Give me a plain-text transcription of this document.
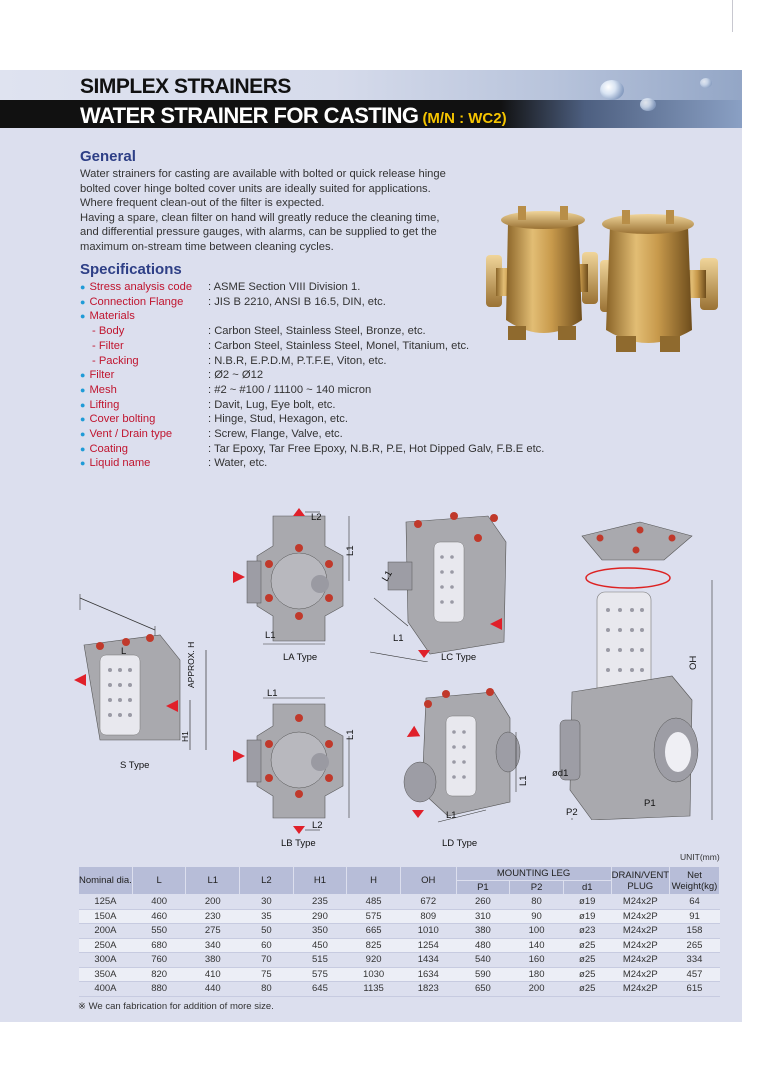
SIMPLEX STRAINERS
WATER STRAINER FOR CASTING (M/N : WC2)
General
Water strainers for casting are available with bolted or quick release hinge
bolted cover hinge bolted cover units are ideally suited for applications.
Where frequent clean-out of the filter is expected.
Having a spare, clean filter on hand will greatly reduce the cleaning time,
and differential pressure gauges, with alarms, can be supplied to get the
maximum on-stream time between cleaning cycles.
Specifications
● Stress analysis code	: ASME Section VIII Division 1.
● Connection Flange	: JIS B 2210, ANSI B 16.5, DIN, etc.
● Materials
- Body	: Carbon Steel, Stainless Steel, Bronze, etc.
- Filter	: Carbon Steel, Stainless Steel, Monel, Titanium, etc.
- Packing	: N.B.R, E.P.D.M, P.T.F.E, Viton, etc.
● Filter	: Ø2 ~ Ø12
● Mesh	: #2 ~ #100 / 11100 ~ 140 micron
● Lifting	: Davit, Lug, Eye bolt, etc.
● Cover bolting	: Hinge, Stud, Hexagon, etc.
● Vent / Drain type	: Screw, Flange, Valve, etc.
● Coating	: Tar Epoxy, Tar Free Epoxy, N.B.R, P.E, Hot Dipped Galv, F.B.E etc.
● Liquid name	: Water, etc.
L	APPROX. H
H1
S Type
L2
L1
L1
LA Type
L1
L1
L2
LB Type
L1
L1
LC Type
L1
L1
LD Type
OH
ød1
P1
P2
UNIT(mm)
Nominal dia.	L	L1	L2	H1	H	OH	MOUNTING LEG			DRAIN/VENT PLUG	Net Weight(kg)
							P1	P2	d1		
125A	400	200	30	235	485	672	260	80	ø19	M24x2P	64
150A	460	230	35	290	575	809	310	90	ø19	M24x2P	91
200A	550	275	50	350	665	1010	380	100	ø23	M24x2P	158
250A	680	340	60	450	825	1254	480	140	ø25	M24x2P	265
300A	760	380	70	515	920	1434	540	160	ø25	M24x2P	334
350A	820	410	75	575	1030	1634	590	180	ø25	M24x2P	457
400A	880	440	80	645	1135	1823	650	200	ø25	M24x2P	615
※ We can fabrication for addition of more size.
